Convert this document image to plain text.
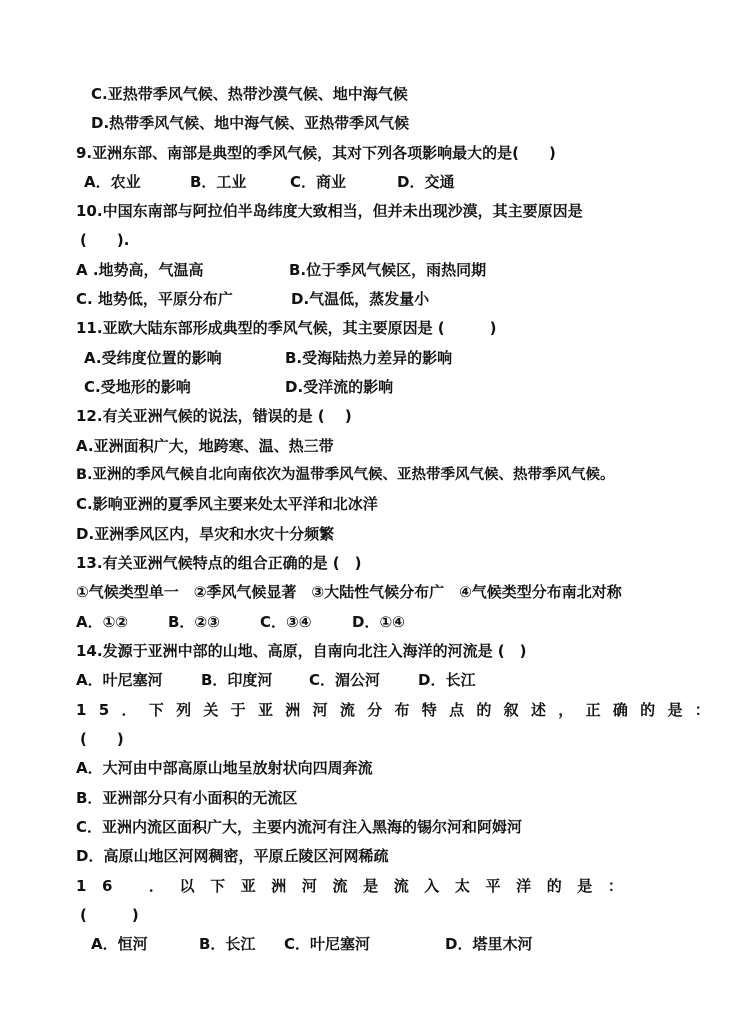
C.亚热带季风气候、热带沙漠气候、地中海气候
D.热带季风气候、地中海气候、亚热带季风气候
9.亚洲东部、南部是典型的季风气候，其对下列各项影响最大的是(　　)
A．农业	B．工业	C．商业	D．交通
10.中国东南部与阿拉伯半岛纬度大致相当，但并未出现沙漠，其主要原因是
(　　).
A .地势高，气温高	B.位于季风气候区，雨热同期
C. 地势低，平原分布广	D.气温低，蒸发量小
11.亚欧大陆东部形成典型的季风气候，其主要原因是 (　　　)
A.受纬度位置的影响	B.受海陆热力差异的影响
C.受地形的影响	D.受洋流的影响
12.有关亚洲气候的说法，错误的是 (　 )
A.亚洲面积广大，地跨寒、温、热三带
B.亚洲的季风气候自北向南依次为温带季风气候、亚热带季风气候、热带季风气候。
C.影响亚洲的夏季风主要来处太平洋和北冰洋
D.亚洲季风区内，旱灾和水灾十分频繁
13.有关亚洲气候特点的组合正确的是 (　)
①气候类型单一　②季风气候显著　③大陆性气候分布广　④气候类型分布南北对称
A．①②	B．②③	C．③④	D．①④
14.发源于亚洲中部的山地、高原，自南向北注入海洋的河流是 (　)
A．叶尼塞河	B．印度河 C．湄公河	D．长江
15．下列关于亚洲河流分布特点的叙述，正确的是：
(　　)
A．大河由中部高原山地呈放射状向四周奔流
B．亚洲部分只有小面积的无流区
C．亚洲内流区面积广大，主要内流河有注入黑海的锡尔河和阿姆河
D．高原山地区河网稠密，平原丘陵区河网稀疏
16 ．以下亚洲河流是流入太平洋的是：
(　　　)
A．恒河	B．长江 C．叶尼塞河	D．塔里木河
